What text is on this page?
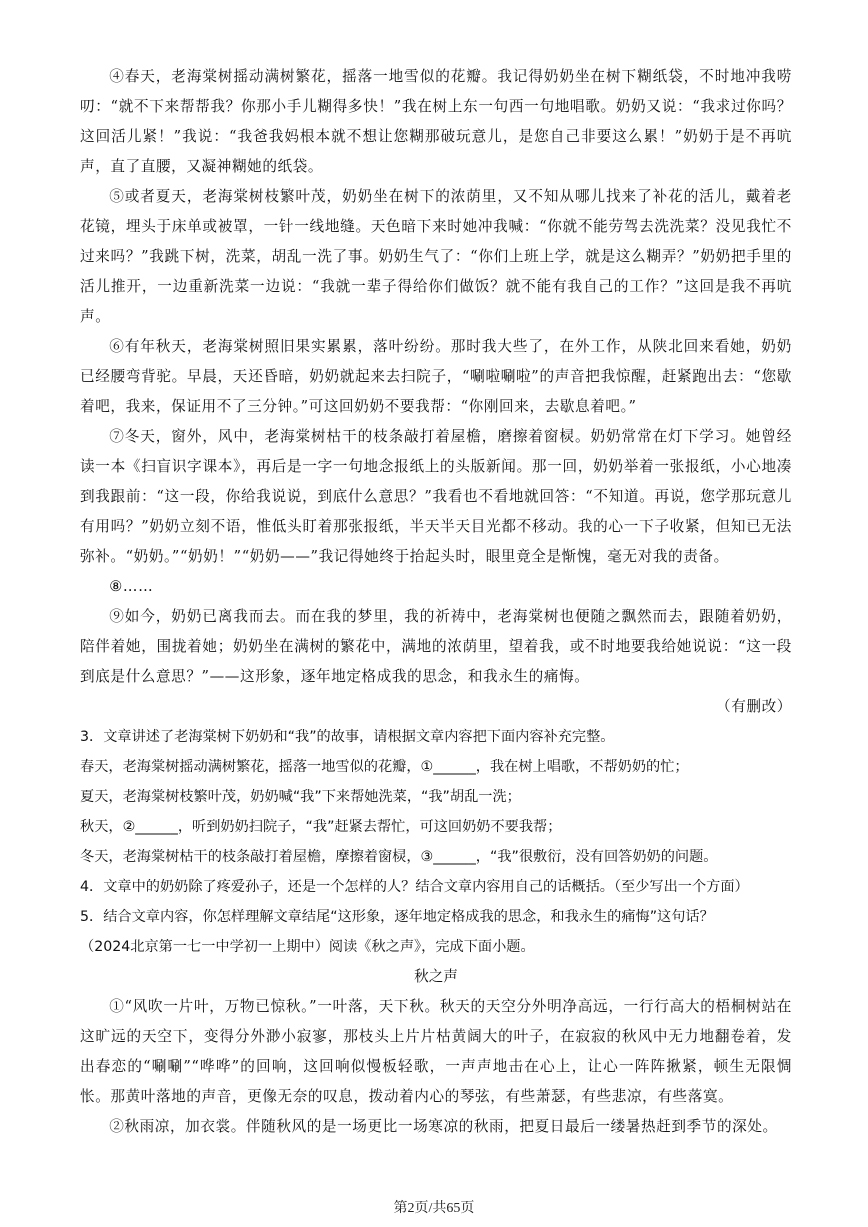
④春天，老海棠树摇动满树繁花，摇落一地雪似的花瓣。我记得奶奶坐在树下糊纸袋，不时地冲我唠叨：“就不下来帮帮我？你那小手儿糊得多快！”我在树上东一句西一句地唱歌。奶奶又说：“我求过你吗？这回活儿紧！”我说：“我爸我妈根本就不想让您糊那破玩意儿，是您自己非要这么累！”奶奶于是不再吭声，直了直腰，又凝神糊她的纸袋。

⑤或者夏天，老海棠树枝繁叶茂，奶奶坐在树下的浓荫里，又不知从哪儿找来了补花的活儿，戴着老花镜，埋头于床单或被罩，一针一线地缝。天色暗下来时她冲我喊：“你就不能劳驾去洗洗菜？没见我忙不过来吗？”我跳下树，洗菜，胡乱一洗了事。奶奶生气了：“你们上班上学，就是这么糊弄？”奶奶把手里的活儿推开，一边重新洗菜一边说：“我就一辈子得给你们做饭？就不能有我自己的工作？”这回是我不再吭声。

⑥有年秋天，老海棠树照旧果实累累，落叶纷纷。那时我大些了，在外工作，从陕北回来看她，奶奶已经腰弯背驼。早晨，天还昏暗，奶奶就起来去扫院子，“唰啦唰啦”的声音把我惊醒，赶紧跑出去：“您歇着吧，我来，保证用不了三分钟。”可这回奶奶不要我帮：“你刚回来，去歇息着吧。”

⑦冬天，窗外，风中，老海棠树枯干的枝条敲打着屋檐，磨擦着窗棂。奶奶常常在灯下学习。她曾经读一本《扫盲识字课本》，再后是一字一句地念报纸上的头版新闻。那一回，奶奶举着一张报纸，小心地凑到我跟前：“这一段，你给我说说，到底什么意思？”我看也不看地就回答：“不知道。再说，您学那玩意儿有用吗？”奶奶立刻不语，惟低头盯着那张报纸，半天半天目光都不移动。我的心一下子收紧，但知已无法弥补。“奶奶。”“奶奶！”“奶奶——”我记得她终于抬起头时，眼里竟全是惭愧，毫无对我的责备。

⑧……

⑨如今，奶奶已离我而去。而在我的梦里，我的祈祷中，老海棠树也便随之飘然而去，跟随着奶奶，陪伴着她，围拢着她；奶奶坐在满树的繁花中，满地的浓荫里，望着我，或不时地要我给她说说：“这一段到底是什么意思？”——这形象，逐年地定格成我的思念，和我永生的痛悔。

（有删改）

3．文章讲述了老海棠树下奶奶和“我”的故事，请根据文章内容把下面内容补充完整。

春天，老海棠树摇动满树繁花，摇落一地雪似的花瓣，①______，我在树上唱歌，不帮奶奶的忙；

夏天，老海棠树枝繁叶茂，奶奶喊“我”下来帮她洗菜，“我”胡乱一洗；

秋天，②______，听到奶奶扫院子，“我”赶紧去帮忙，可这回奶奶不要我帮；

冬天，老海棠树枯干的枝条敲打着屋檐，摩擦着窗棂，③______，“我”很敷衍，没有回答奶奶的问题。

4．文章中的奶奶除了疼爱孙子，还是一个怎样的人？结合文章内容用自己的话概括。（至少写出一个方面）

5．结合文章内容，你怎样理解文章结尾“这形象，逐年地定格成我的思念，和我永生的痛悔”这句话？

（2024北京第一七一中学初一上期中）阅读《秋之声》，完成下面小题。

秋之声

①“风吹一片叶，万物已惊秋。”一叶落，天下秋。秋天的天空分外明净高远，一行行高大的梧桐树站在这旷远的天空下，变得分外渺小寂寥，那枝头上片片枯黄阔大的叶子，在寂寂的秋风中无力地翻卷着，发出春恋的“唰唰”“哗哗”的回响，这回响似慢板轻歌，一声声地击在心上，让心一阵阵揪紧，顿生无限惆怅。那黄叶落地的声音，更像无奈的叹息，拨动着内心的琴弦，有些萧瑟，有些悲凉，有些落寞。

②秋雨凉，加衣裳。伴随秋风的是一场更比一场寒凉的秋雨，把夏日最后一缕暑热赶到季节的深处。

第2页/共65页
